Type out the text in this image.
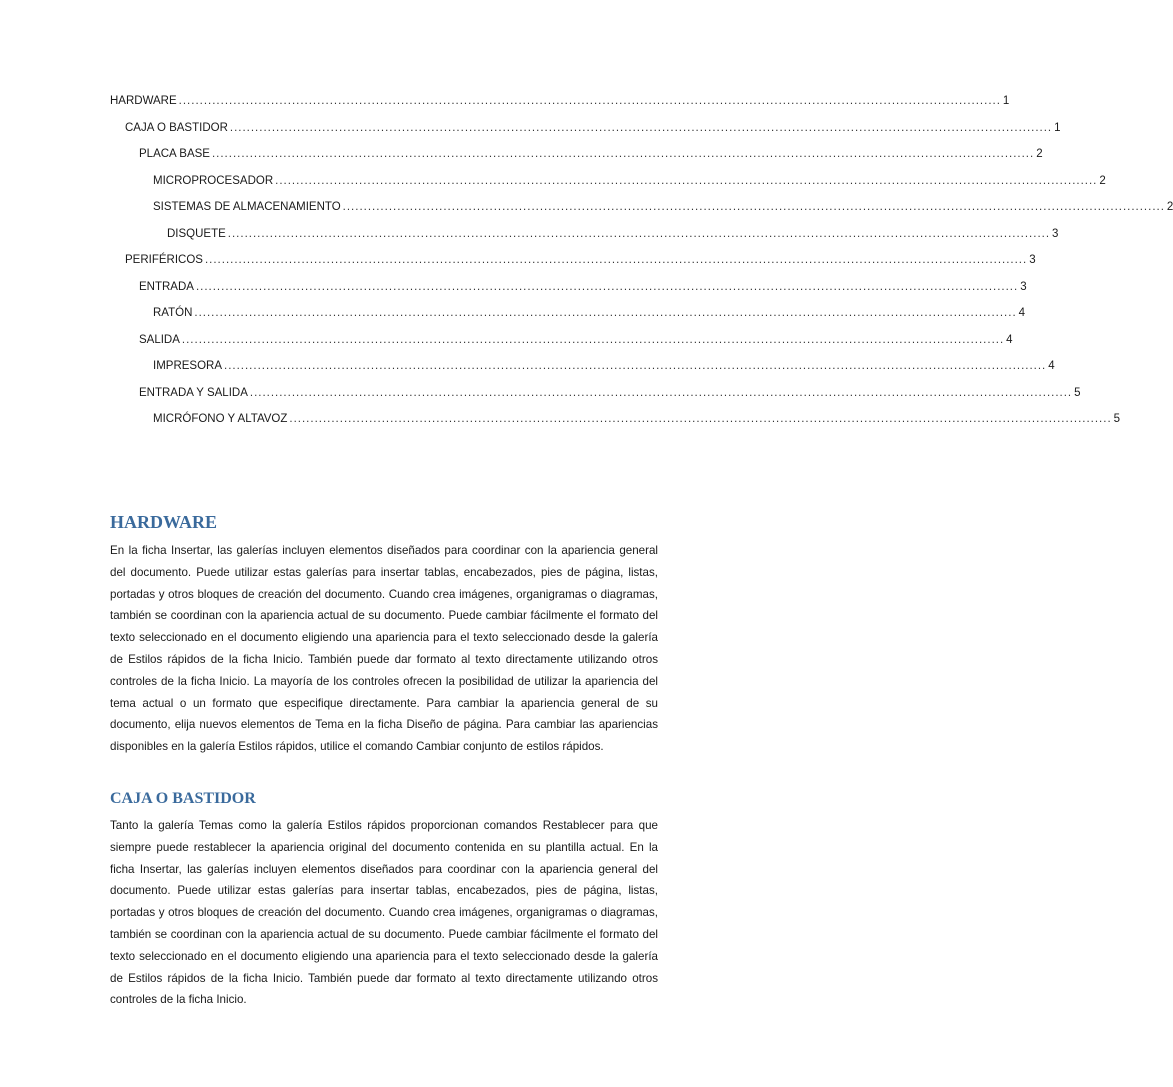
HARDWARE .................................................................................................................................................................................................... 1
CAJA O BASTIDOR .................................................................................................................................................................................................... 1
PLACA BASE .................................................................................................................................................................................................... 2
MICROPROCESADOR .................................................................................................................................................................................................... 2
SISTEMAS DE ALMACENAMIENTO .................................................................................................................................................................................................... 2
DISQUETE .................................................................................................................................................................................................... 3
PERIFÉRICOS .................................................................................................................................................................................................... 3
ENTRADA .................................................................................................................................................................................................... 3
RATÓN .................................................................................................................................................................................................... 4
SALIDA .................................................................................................................................................................................................... 4
IMPRESORA .................................................................................................................................................................................................... 4
ENTRADA Y SALIDA .................................................................................................................................................................................................... 5
MICRÓFONO Y ALTAVOZ .................................................................................................................................................................................................... 5
HARDWARE

En la ficha Insertar, las galerías incluyen elementos diseñados para coordinar con la apariencia general del documento. Puede utilizar estas galerías para insertar tablas, encabezados, pies de página, listas, portadas y otros bloques de creación del documento. Cuando crea imágenes, organigramas o diagramas, también se coordinan con la apariencia actual de su documento. Puede cambiar fácilmente el formato del texto seleccionado en el documento eligiendo una apariencia para el texto seleccionado desde la galería de Estilos rápidos de la ficha Inicio. También puede dar formato al texto directamente utilizando otros controles de la ficha Inicio. La mayoría de los controles ofrecen la posibilidad de utilizar la apariencia del tema actual o un formato que especifique directamente. Para cambiar la apariencia general de su documento, elija nuevos elementos de Tema en la ficha Diseño de página. Para cambiar las apariencias disponibles en la galería Estilos rápidos, utilice el comando Cambiar conjunto de estilos rápidos.

CAJA O BASTIDOR

Tanto la galería Temas como la galería Estilos rápidos proporcionan comandos Restablecer para que siempre puede restablecer la apariencia original del documento contenida en su plantilla actual. En la ficha Insertar, las galerías incluyen elementos diseñados para coordinar con la apariencia general del documento. Puede utilizar estas galerías para insertar tablas, encabezados, pies de página, listas, portadas y otros bloques de creación del documento. Cuando crea imágenes, organigramas o diagramas, también se coordinan con la apariencia actual de su documento. Puede cambiar fácilmente el formato del texto seleccionado en el documento eligiendo una apariencia para el texto seleccionado desde la galería de Estilos rápidos de la ficha Inicio. También puede dar formato al texto directamente utilizando otros controles de la ficha Inicio.
